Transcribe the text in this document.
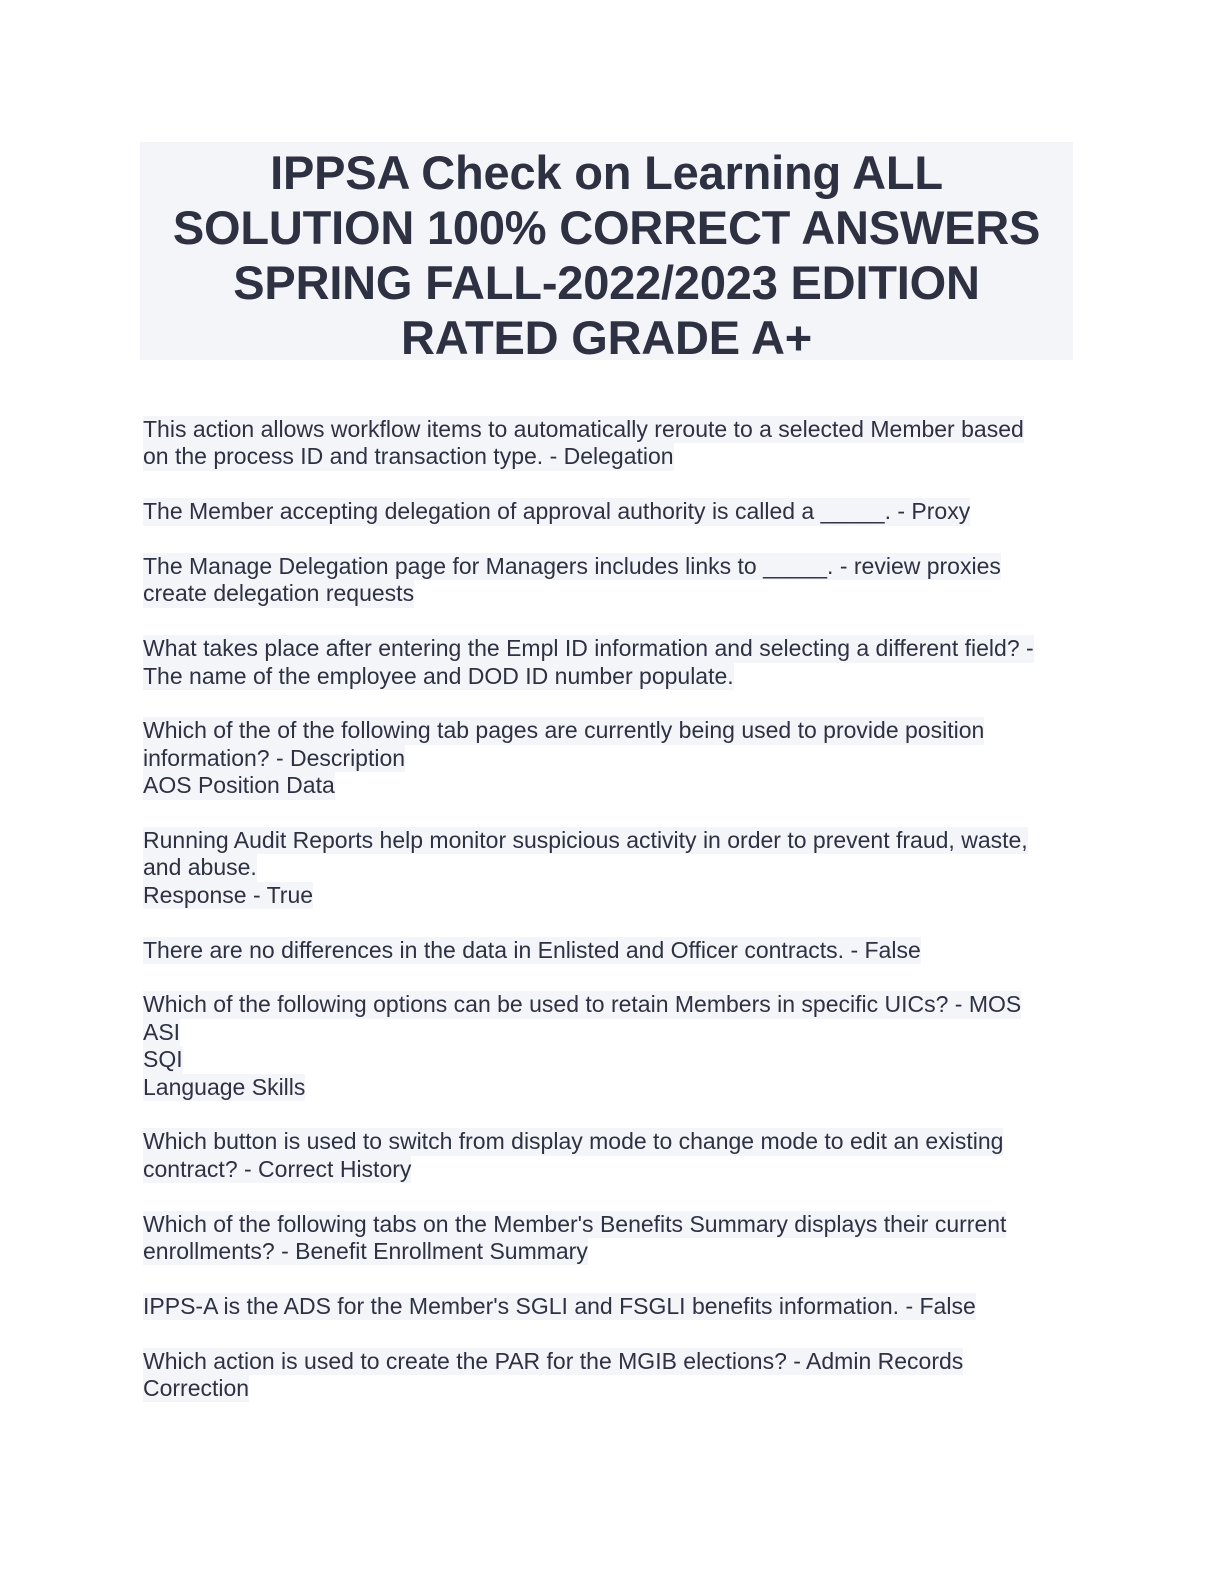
IPPSA Check on Learning ALL
SOLUTION 100% CORRECT ANSWERS
SPRING FALL-2022/2023 EDITION
RATED GRADE A+
This action allows workflow items to automatically reroute to a selected Member based
on the process ID and transaction type. - Delegation
The Member accepting delegation of approval authority is called a _____. - Proxy
The Manage Delegation page for Managers includes links to _____. - review proxies
create delegation requests
What takes place after entering the Empl ID information and selecting a different field? -
The name of the employee and DOD ID number populate.
Which of the of the following tab pages are currently being used to provide position
information? - Description
AOS Position Data
Running Audit Reports help monitor suspicious activity in order to prevent fraud, waste,
and abuse.
Response - True
There are no differences in the data in Enlisted and Officer contracts. - False
Which of the following options can be used to retain Members in specific UICs? - MOS
ASI
SQI
Language Skills
Which button is used to switch from display mode to change mode to edit an existing
contract? - Correct History
Which of the following tabs on the Member's Benefits Summary displays their current
enrollments? - Benefit Enrollment Summary
IPPS-A is the ADS for the Member's SGLI and FSGLI benefits information. - False
Which action is used to create the PAR for the MGIB elections? - Admin Records
Correction
